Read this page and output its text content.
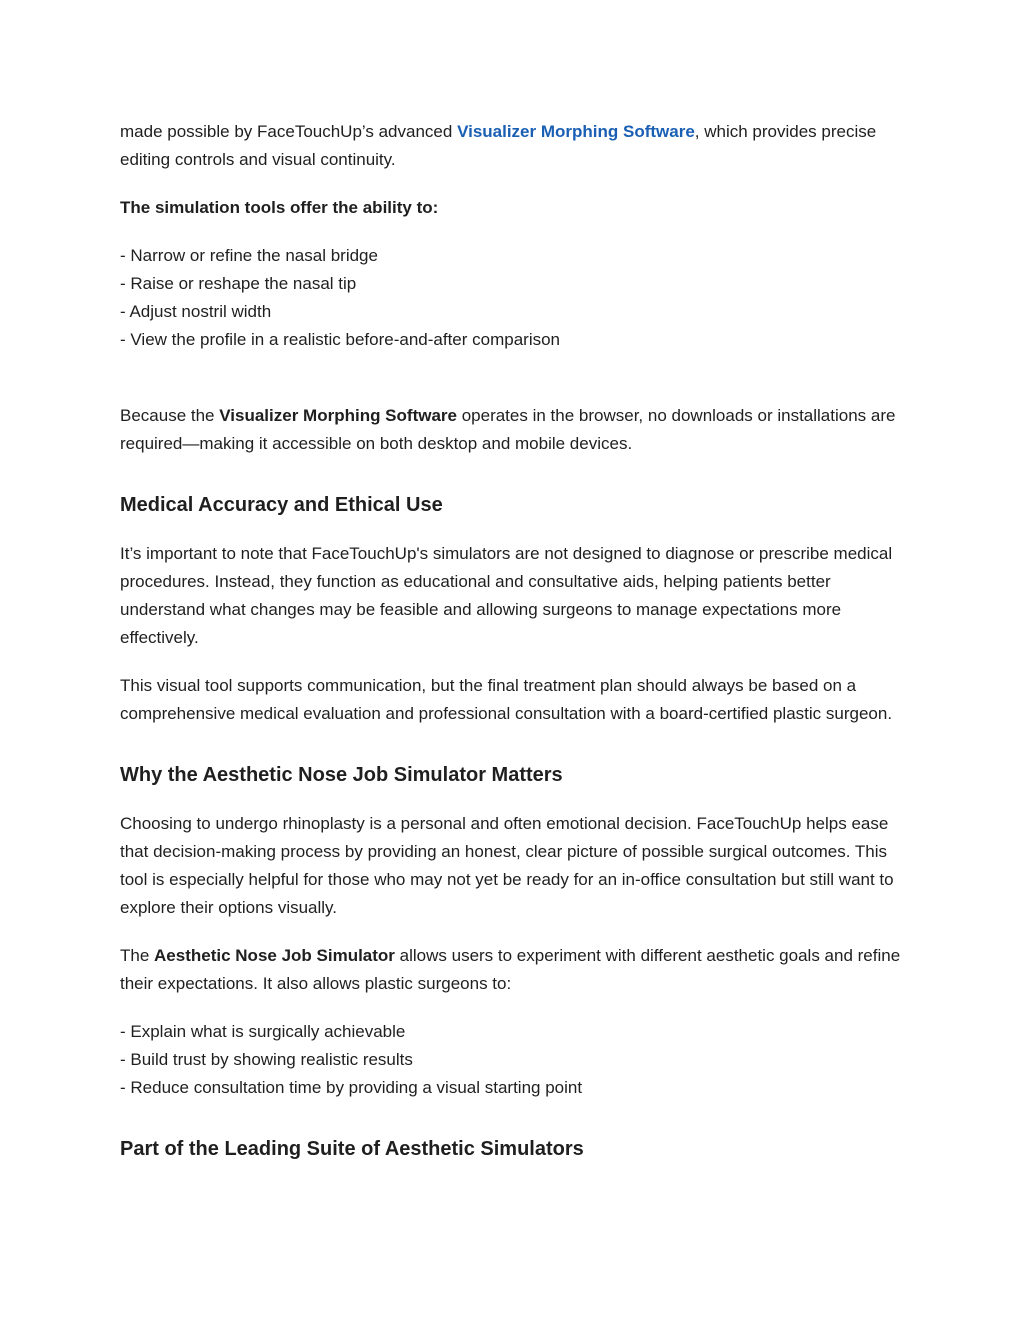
made possible by FaceTouchUp’s advanced Visualizer Morphing Software, which provides precise editing controls and visual continuity.

The simulation tools offer the ability to:

- Narrow or refine the nasal bridge
- Raise or reshape the nasal tip
- Adjust nostril width
- View the profile in a realistic before-and-after comparison

Because the Visualizer Morphing Software operates in the browser, no downloads or installations are required—making it accessible on both desktop and mobile devices.

Medical Accuracy and Ethical Use

It’s important to note that FaceTouchUp's simulators are not designed to diagnose or prescribe medical procedures. Instead, they function as educational and consultative aids, helping patients better understand what changes may be feasible and allowing surgeons to manage expectations more effectively.

This visual tool supports communication, but the final treatment plan should always be based on a comprehensive medical evaluation and professional consultation with a board-certified plastic surgeon.

Why the Aesthetic Nose Job Simulator Matters

Choosing to undergo rhinoplasty is a personal and often emotional decision. FaceTouchUp helps ease that decision-making process by providing an honest, clear picture of possible surgical outcomes. This tool is especially helpful for those who may not yet be ready for an in-office consultation but still want to explore their options visually.

The Aesthetic Nose Job Simulator allows users to experiment with different aesthetic goals and refine their expectations. It also allows plastic surgeons to:

- Explain what is surgically achievable
- Build trust by showing realistic results
- Reduce consultation time by providing a visual starting point

Part of the Leading Suite of Aesthetic Simulators
